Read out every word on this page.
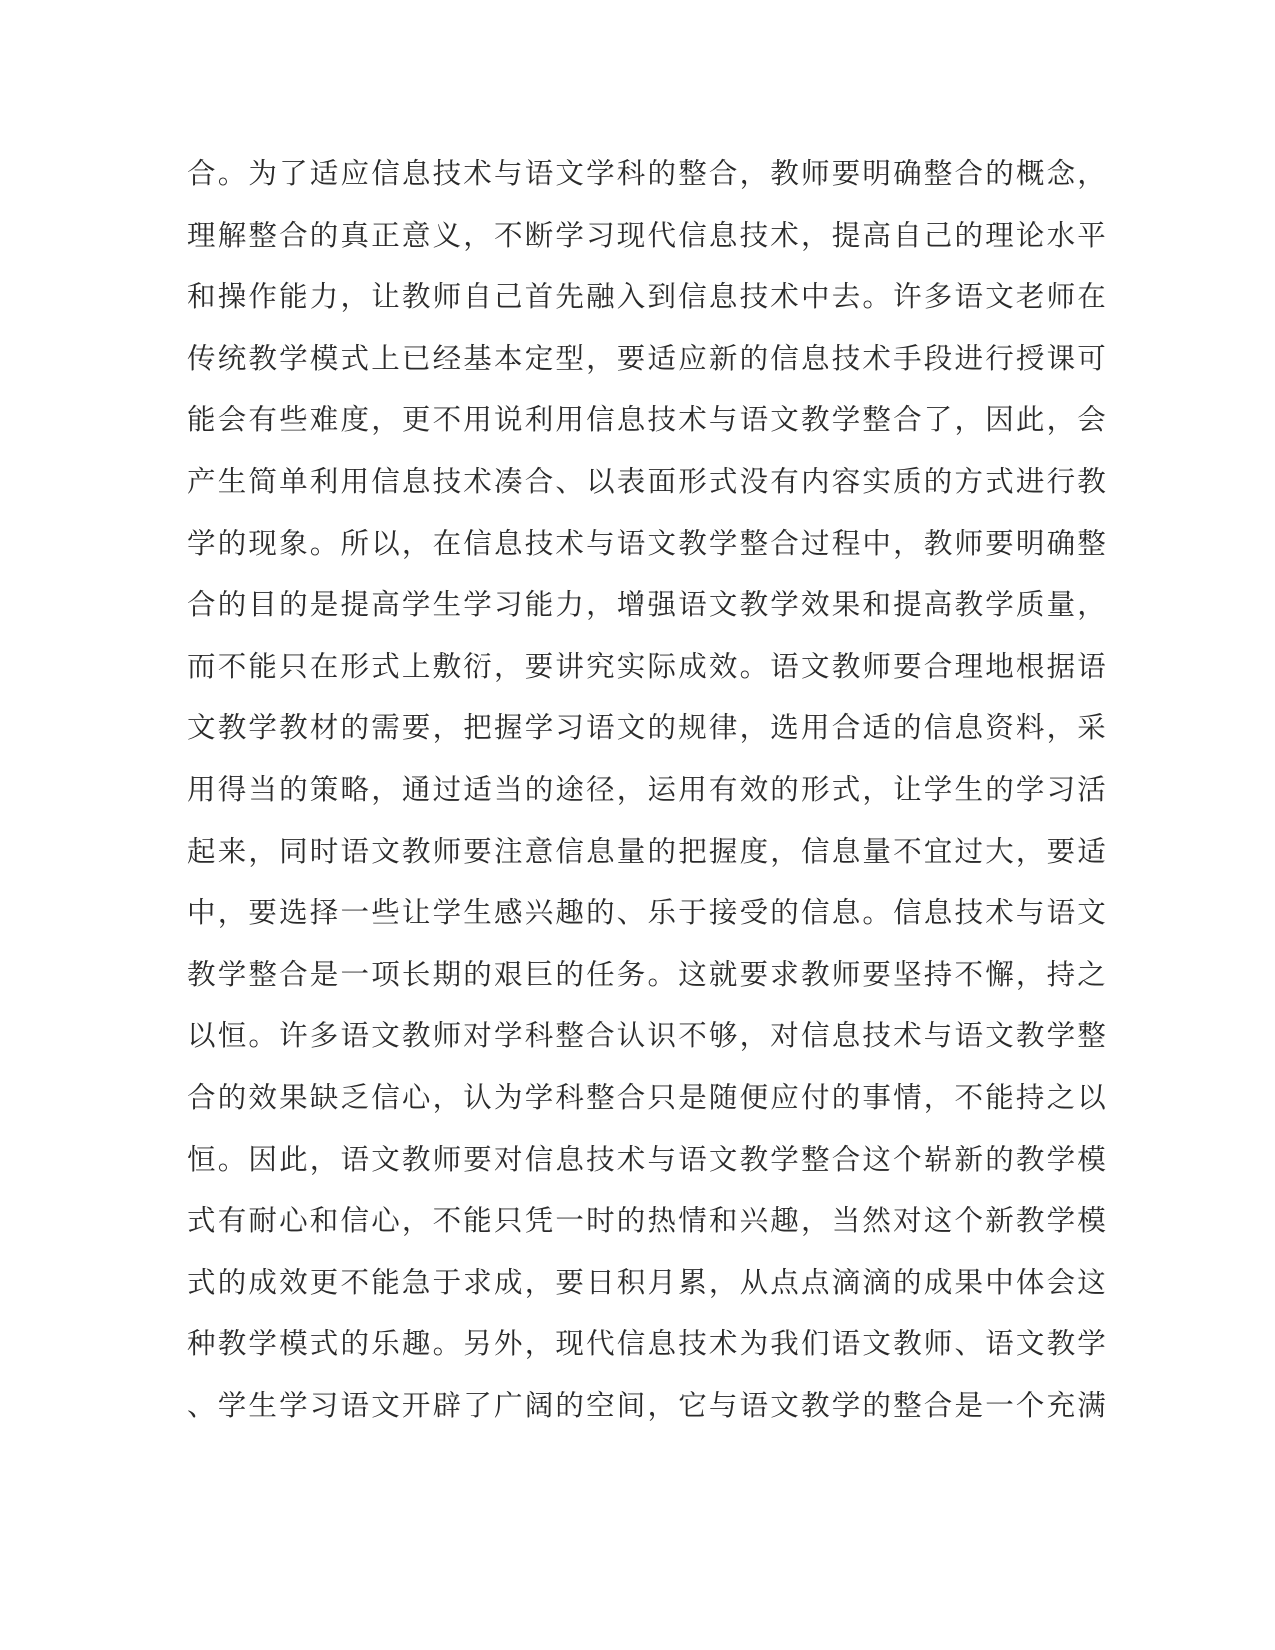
合。为了适应信息技术与语文学科的整合，教师要明确整合的概念，
理解整合的真正意义，不断学习现代信息技术，提高自己的理论水平
和操作能力，让教师自己首先融入到信息技术中去。许多语文老师在
传统教学模式上已经基本定型，要适应新的信息技术手段进行授课可
能会有些难度，更不用说利用信息技术与语文教学整合了，因此，会
产生简单利用信息技术凑合、以表面形式没有内容实质的方式进行教
学的现象。所以，在信息技术与语文教学整合过程中，教师要明确整
合的目的是提高学生学习能力，增强语文教学效果和提高教学质量，
而不能只在形式上敷衍，要讲究实际成效。语文教师要合理地根据语
文教学教材的需要，把握学习语文的规律，选用合适的信息资料，采
用得当的策略，通过适当的途径，运用有效的形式，让学生的学习活
起来，同时语文教师要注意信息量的把握度，信息量不宜过大，要适
中，要选择一些让学生感兴趣的、乐于接受的信息。信息技术与语文
教学整合是一项长期的艰巨的任务。这就要求教师要坚持不懈，持之
以恒。许多语文教师对学科整合认识不够，对信息技术与语文教学整
合的效果缺乏信心，认为学科整合只是随便应付的事情，不能持之以
恒。因此，语文教师要对信息技术与语文教学整合这个崭新的教学模
式有耐心和信心，不能只凭一时的热情和兴趣，当然对这个新教学模
式的成效更不能急于求成，要日积月累，从点点滴滴的成果中体会这
种教学模式的乐趣。另外，现代信息技术为我们语文教师、语文教学
、学生学习语文开辟了广阔的空间，它与语文教学的整合是一个充满
